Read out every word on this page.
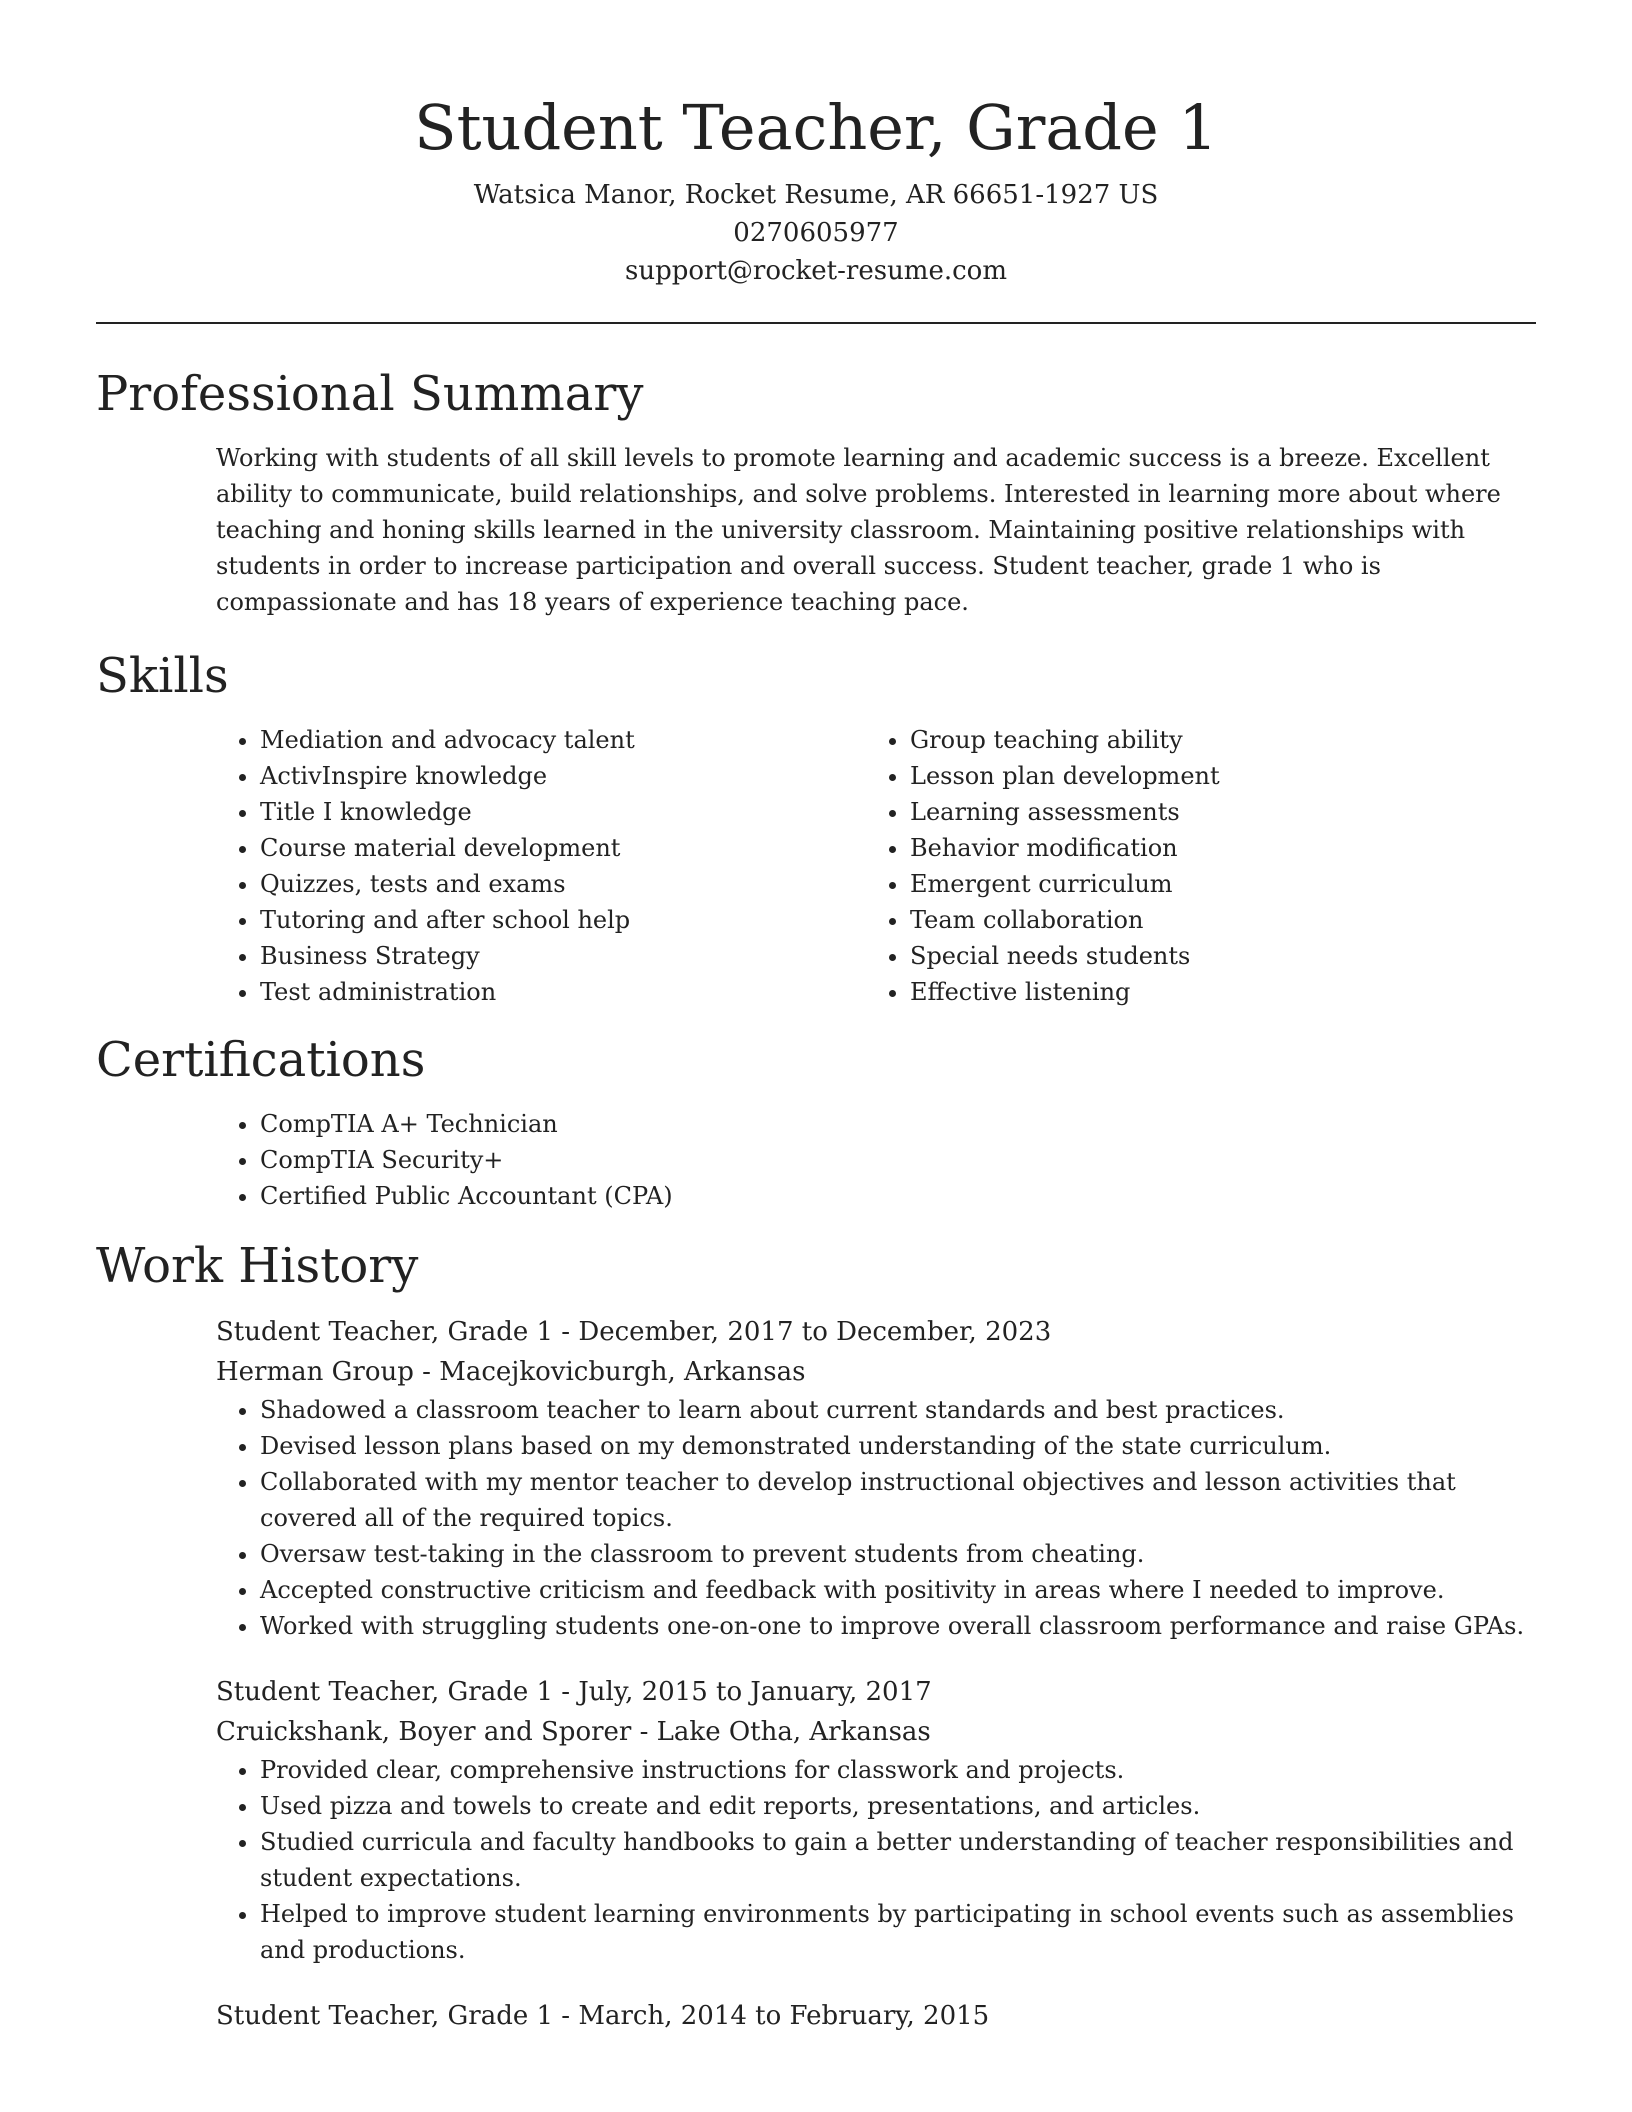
Student Teacher, Grade 1

Watsica Manor, Rocket Resume, AR 66651-1927 US

0270605977

support@rocket-resume.com

Professional Summary

Working with students of all skill levels to promote learning and academic success is a breeze. Excellent ability to communicate, build relationships, and solve problems. Interested in learning more about where teaching and honing skills learned in the university classroom. Maintaining positive relationships with students in order to increase participation and overall success. Student teacher, grade 1 who is compassionate and has 18 years of experience teaching pace.

Skills
• Mediation and advocacy talent
• ActivInspire knowledge
• Title I knowledge
• Course material development
• Quizzes, tests and exams
• Tutoring and after school help
• Business Strategy
• Test administration
• Group teaching ability
• Lesson plan development
• Learning assessments
• Behavior modification
• Emergent curriculum
• Team collaboration
• Special needs students
• Effective listening
Certifications
• CompTIA A+ Technician
• CompTIA Security+
• Certified Public Accountant (CPA)
Work History

Student Teacher, Grade 1 - December, 2017 to December, 2023

Herman Group - Macejkovicburgh, Arkansas

• Shadowed a classroom teacher to learn about current standards and best practices.
• Devised lesson plans based on my demonstrated understanding of the state curriculum.
• Collaborated with my mentor teacher to develop instructional objectives and lesson activities that covered all of the required topics.
• Oversaw test-taking in the classroom to prevent students from cheating.
• Accepted constructive criticism and feedback with positivity in areas where I needed to improve.
• Worked with struggling students one-on-one to improve overall classroom performance and raise GPAs.

Student Teacher, Grade 1 - July, 2015 to January, 2017

Cruickshank, Boyer and Sporer - Lake Otha, Arkansas

• Provided clear, comprehensive instructions for classwork and projects.
• Used pizza and towels to create and edit reports, presentations, and articles.
• Studied curricula and faculty handbooks to gain a better understanding of teacher responsibilities and student expectations.
• Helped to improve student learning environments by participating in school events such as assemblies and productions.

Student Teacher, Grade 1 - March, 2014 to February, 2015
